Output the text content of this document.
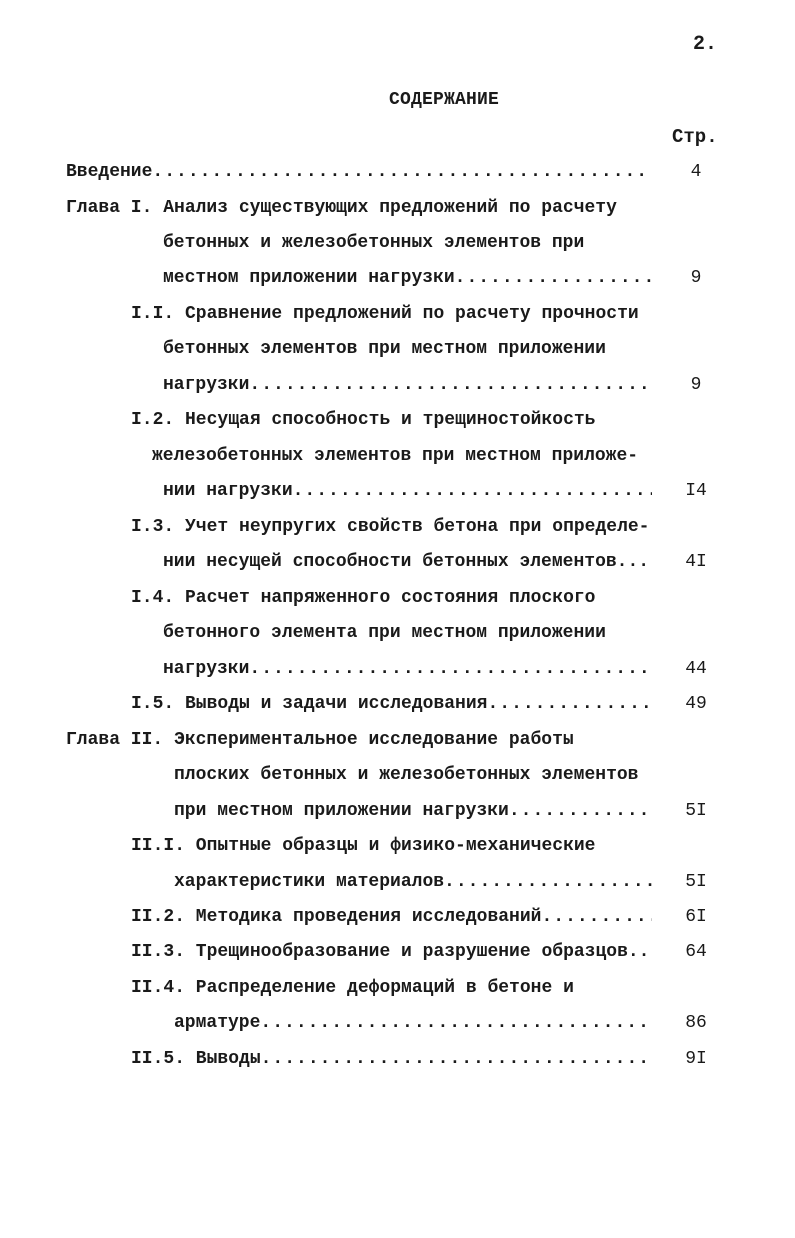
2.
СОДЕРЖАНИЕ
Стр.
Введение .....	4
Глава I. Анализ существующих предложений по расчету
бетонных и железобетонных элементов при
местном приложении нагрузки .....	9
I.I. Сравнение предложений по расчету прочности
бетонных элементов при местном приложении
нагрузки .....	9
I.2. Несущая способность и трещиностойкость
железобетонных элементов при местном приложе-
нии нагрузки .....	I4
I.3. Учет неупругих свойств бетона при определе-
нии несущей способности бетонных элементов... .....	4I
I.4. Расчет напряженного состояния плоского
бетонного элемента при местном приложении
нагрузки .....	44
I.5. Выводы и задачи исследования .....	49
Глава II. Экспериментальное исследование работы
плоских бетонных и железобетонных элементов
при местном приложении нагрузки .....	5I
II.I. Опытные образцы и физико-механические
характеристики материалов .....	5I
II.2. Методика проведения исследований .....	6I
II.3. Трещинообразование и разрушение образцов.. .....	64
II.4. Распределение деформаций в бетоне и
арматуре .....	86
II.5. Выводы .....	9I
